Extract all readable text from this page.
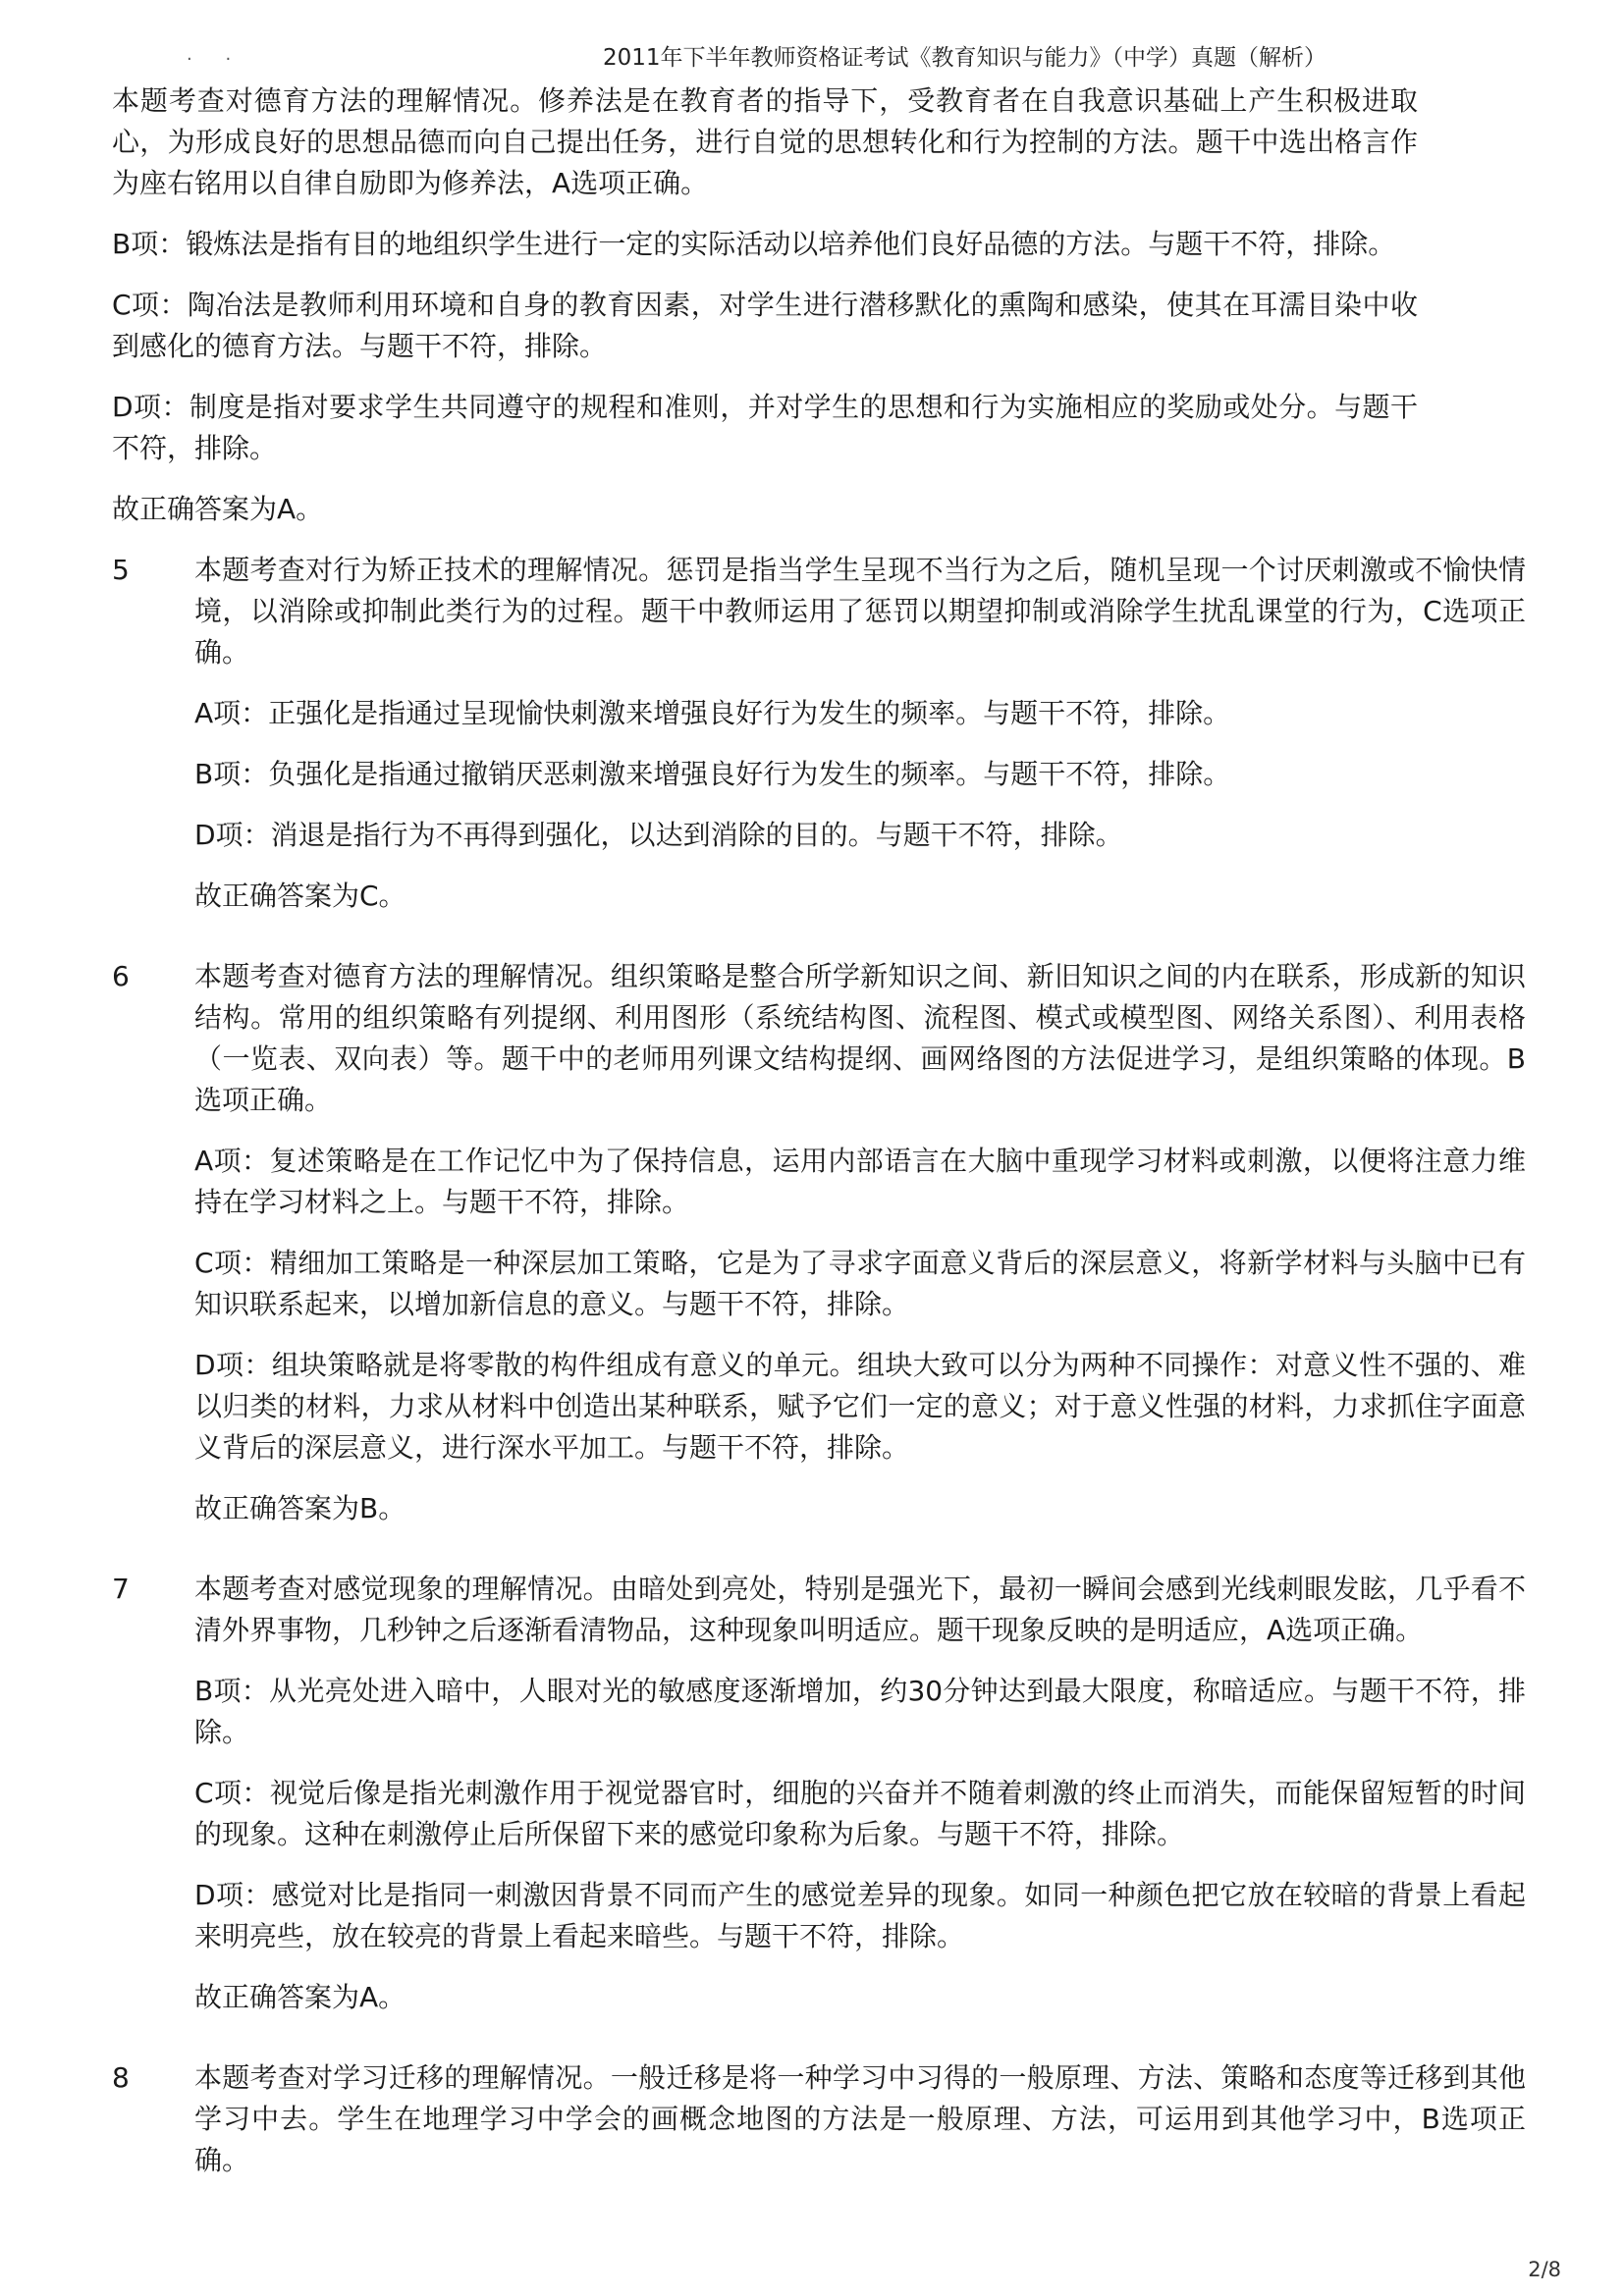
· ·	2011年下半年教师资格证考试《教育知识与能力》（中学）真题（解析）

本题考查对德育方法的理解情况。修养法是在教育者的指导下，受教育者在自我意识基础上产生积极进取心，为形成良好的思想品德而向自己提出任务，进行自觉的思想转化和行为控制的方法。题干中选出格言作为座右铭用以自律自励即为修养法，A选项正确。

B项：锻炼法是指有目的地组织学生进行一定的实际活动以培养他们良好品德的方法。与题干不符，排除。

C项：陶冶法是教师利用环境和自身的教育因素，对学生进行潜移默化的熏陶和感染，使其在耳濡目染中收到感化的德育方法。与题干不符，排除。

D项：制度是指对要求学生共同遵守的规程和准则，并对学生的思想和行为实施相应的奖励或处分。与题干不符，排除。

故正确答案为A。

5	本题考查对行为矫正技术的理解情况。惩罚是指当学生呈现不当行为之后，随机呈现一个讨厌刺激或不愉快情境，以消除或抑制此类行为的过程。题干中教师运用了惩罚以期望抑制或消除学生扰乱课堂的行为，C选项正确。

A项：正强化是指通过呈现愉快刺激来增强良好行为发生的频率。与题干不符，排除。

B项：负强化是指通过撤销厌恶刺激来增强良好行为发生的频率。与题干不符，排除。

D项：消退是指行为不再得到强化，以达到消除的目的。与题干不符，排除。

故正确答案为C。

6	本题考查对德育方法的理解情况。组织策略是整合所学新知识之间、新旧知识之间的内在联系，形成新的知识结构。常用的组织策略有列提纲、利用图形（系统结构图、流程图、模式或模型图、网络关系图）、利用表格（一览表、双向表）等。题干中的老师用列课文结构提纲、画网络图的方法促进学习，是组织策略的体现。B选项正确。

A项：复述策略是在工作记忆中为了保持信息，运用内部语言在大脑中重现学习材料或刺激，以便将注意力维持在学习材料之上。与题干不符，排除。

C项：精细加工策略是一种深层加工策略，它是为了寻求字面意义背后的深层意义，将新学材料与头脑中已有知识联系起来，以增加新信息的意义。与题干不符，排除。

D项：组块策略就是将零散的构件组成有意义的单元。组块大致可以分为两种不同操作：对意义性不强的、难以归类的材料，力求从材料中创造出某种联系，赋予它们一定的意义；对于意义性强的材料，力求抓住字面意义背后的深层意义，进行深水平加工。与题干不符，排除。

故正确答案为B。

7	本题考查对感觉现象的理解情况。由暗处到亮处，特别是强光下，最初一瞬间会感到光线刺眼发眩，几乎看不清外界事物，几秒钟之后逐渐看清物品，这种现象叫明适应。题干现象反映的是明适应，A选项正确。

B项：从光亮处进入暗中，人眼对光的敏感度逐渐增加，约30分钟达到最大限度，称暗适应。与题干不符，排除。

C项：视觉后像是指光刺激作用于视觉器官时，细胞的兴奋并不随着刺激的终止而消失，而能保留短暂的时间的现象。这种在刺激停止后所保留下来的感觉印象称为后象。与题干不符，排除。

D项：感觉对比是指同一刺激因背景不同而产生的感觉差异的现象。如同一种颜色把它放在较暗的背景上看起来明亮些，放在较亮的背景上看起来暗些。与题干不符，排除。

故正确答案为A。

8	本题考查对学习迁移的理解情况。一般迁移是将一种学习中习得的一般原理、方法、策略和态度等迁移到其他学习中去。学生在地理学习中学会的画概念地图的方法是一般原理、方法，可运用到其他学习中，B选项正确。

2/8
